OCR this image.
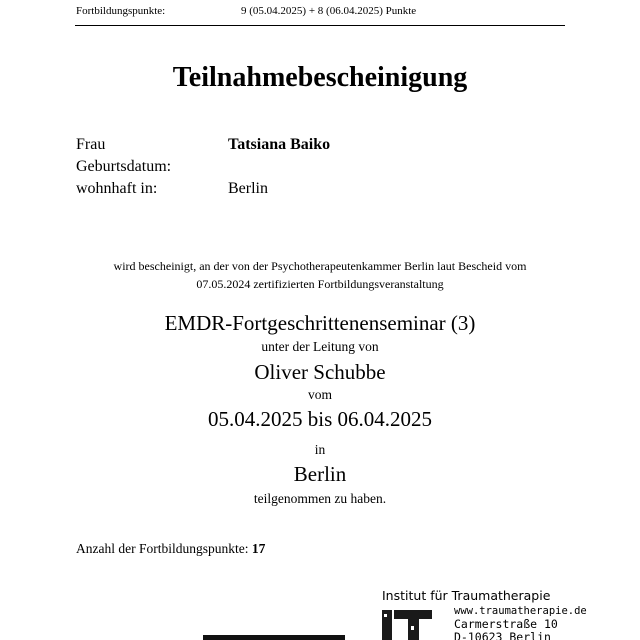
Fortbildungspunkte:	9 (05.04.2025) + 8 (06.04.2025) Punkte
Teilnahmebescheinigung
Frau	Tatsiana Baiko
Geburtsdatum:
wohnhaft in:	Berlin
wird bescheinigt, an der von der Psychotherapeutenkammer Berlin laut Bescheid vom
07.05.2024 zertifizierten Fortbildungsveranstaltung
EMDR-Fortgeschrittenenseminar (3)
unter der Leitung von
Oliver Schubbe
vom
05.04.2025 bis 06.04.2025
in
Berlin
teilgenommen zu haben.
Anzahl der Fortbildungspunkte: 17
Institut für Traumatherapie
www.traumatherapie.de
Carmerstraße 10
D-10623 Berlin
